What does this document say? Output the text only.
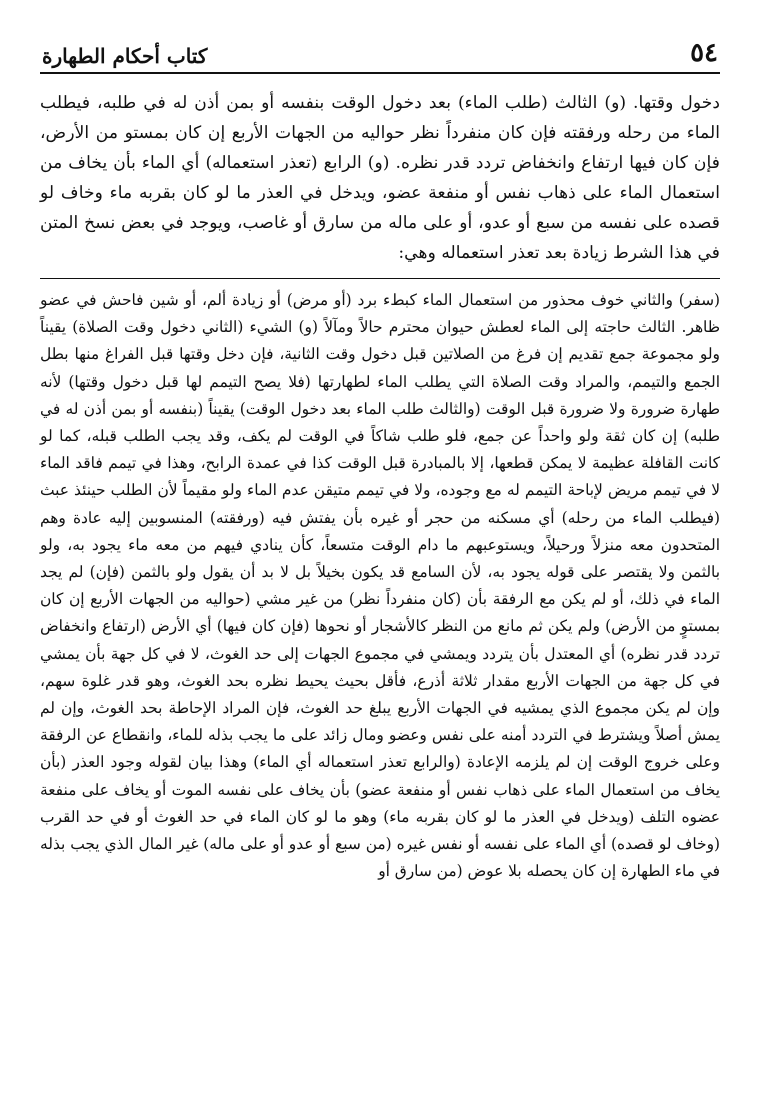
٥٤
كتاب أحكام الطهارة

دخول وقتها. (و) الثالث (طلب الماء) بعد دخول الوقت بنفسه أو بمن أذن له في طلبه، فيطلب الماء من رحله ورفقته فإن كان منفرداً نظر حواليه من الجهات الأربع إن كان بمستو من الأرض، فإن كان فيها ارتفاع وانخفاض تردد قدر نظره. (و) الرابع (تعذر استعماله) أي الماء بأن يخاف من استعمال الماء على ذهاب نفس أو منفعة عضو، ويدخل في العذر ما لو كان بقربه ماء وخاف لو قصده على نفسه من سبع أو عدو، أو على ماله من سارق أو غاصب، ويوجد في بعض نسخ المتن في هذا الشرط زيادة بعد تعذر استعماله وهي:

(سفر) والثاني خوف محذور من استعمال الماء كبطء برد (أو مرض) أو زيادة ألم، أو شين فاحش في عضو ظاهر. الثالث حاجته إلى الماء لعطش حيوان محترم حالاً ومآلاً (و) الشيء (الثاني دخول وقت الصلاة) يقيناً ولو مجموعة جمع تقديم إن فرغ من الصلاتين قبل دخول وقت الثانية، فإن دخل وقتها قبل الفراغ منها بطل الجمع والتيمم، والمراد وقت الصلاة التي يطلب الماء لطهارتها (فلا يصح التيمم لها قبل دخول وقتها) لأنه طهارة ضرورة ولا ضرورة قبل الوقت (والثالث طلب الماء بعد دخول الوقت) يقيناً (بنفسه أو بمن أذن له في طلبه) إن كان ثقة ولو واحداً عن جمع، فلو طلب شاكاً في الوقت لم يكف، وقد يجب الطلب قبله، كما لو كانت القافلة عظيمة لا يمكن قطعها، إلا بالمبادرة قبل الوقت كذا في عمدة الرابح، وهذا في تيمم فاقد الماء لا في تيمم مريض لإباحة التيمم له مع وجوده، ولا في تيمم متيقن عدم الماء ولو مقيماً لأن الطلب حينئذ عبث (فيطلب الماء من رحله) أي مسكنه من حجر أو غيره بأن يفتش فيه (ورفقته) المنسوبين إليه عادة وهم المتحدون معه منزلاً ورحيلاً، ويستوعبهم ما دام الوقت متسعاً، كأن ينادي فيهم من معه ماء يجود به، ولو بالثمن ولا يقتصر على قوله يجود به، لأن السامع قد يكون بخيلاً بل لا بد أن يقول ولو بالثمن (فإن) لم يجد الماء في ذلك، أو لم يكن مع الرفقة بأن (كان منفرداً نظر) من غير مشي (حواليه من الجهات الأربع إن كان بمستوٍ من الأرض) ولم يكن ثم مانع من النظر كالأشجار أو نحوها (فإن كان فيها) أي الأرض (ارتفاع وانخفاض تردد قدر نظره) أي المعتدل بأن يتردد ويمشي في مجموع الجهات إلى حد الغوث، لا في كل جهة بأن يمشي في كل جهة من الجهات الأربع مقدار ثلاثة أذرع، فأقل بحيث يحيط نظره بحد الغوث، وهو قدر غلوة سهم، وإن لم يكن مجموع الذي يمشيه في الجهات الأربع يبلغ حد الغوث، فإن المراد الإحاطة بحد الغوث، وإن لم يمش أصلاً ويشترط في التردد أمنه على نفس وعضو ومال زائد على ما يجب بذله للماء، وانقطاع عن الرفقة وعلى خروج الوقت إن لم يلزمه الإعادة (والرابع تعذر استعماله أي الماء) وهذا بيان لقوله وجود العذر (بأن يخاف من استعمال الماء على ذهاب نفس أو منفعة عضو) بأن يخاف على نفسه الموت أو يخاف على منفعة عضوه التلف (ويدخل في العذر ما لو كان بقربه ماء) وهو ما لو كان الماء في حد الغوث أو في حد القرب (وخاف لو قصده) أي الماء على نفسه أو نفس غيره (من سبع أو عدو أو على ماله) غير المال الذي يجب بذله في ماء الطهارة إن كان يحصله بلا عوض (من سارق أو
